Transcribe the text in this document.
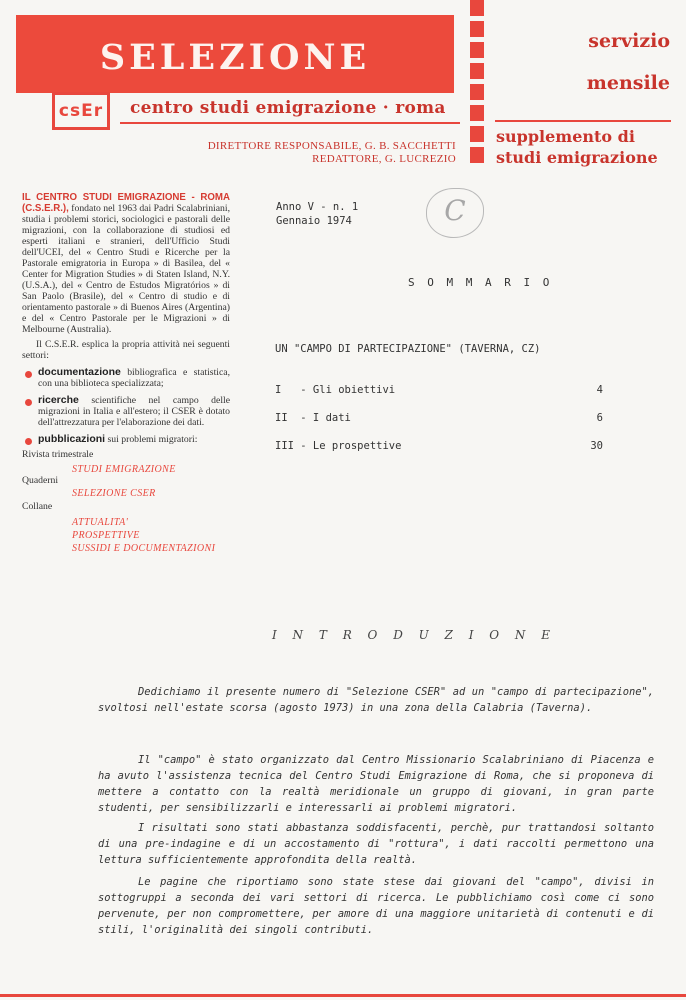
SELEZIONE
csEr	centro studi emigrazione · roma
DIRETTORE RESPONSABILE, G. B. SACCHETTI
REDATTORE, G. LUCREZIO
servizio
mensile
supplemento di
studi emigrazione

IL CENTRO STUDI EMIGRAZIONE - ROMA (C.S.E.R.), fondato nel 1963 dai Padri Scalabriniani, studia i problemi storici, sociologici e pastorali delle migrazioni, con la collaborazione di studiosi ed esperti italiani e stranieri, dell'Ufficio Studi dell'UCEI, del « Centro Studi e Ricerche per la Pastorale emigratoria in Europa » di Basilea, del « Center for Migration Studies » di Staten Island, N.Y. (U.S.A.), del « Centro de Estudos Migratórios » di San Paolo (Brasile), del « Centro di studio e di orientamento pastorale » di Buenos Aires (Argentina) e del « Centro Pastorale per le Migrazioni » di Melbourne (Australia).

Il C.S.E.R. esplica la propria attività nei seguenti settori:

documentazione bibliografica e statistica, con una biblioteca specializzata;
ricerche scientifiche nel campo delle migrazioni in Italia e all'estero; il CSER è dotato dell'attrezzatura per l'elaborazione dei dati.
pubblicazioni sui problemi migratori:
Rivista trimestrale
STUDI EMIGRAZIONE
Quaderni
SELEZIONE CSER
Collane
ATTUALITA'
PROSPETTIVE
SUSSIDI E DOCUMENTAZIONI
Anno V - n. 1
Gennaio 1974	C
S O M M A R I O
UN "CAMPO DI PARTECIPAZIONE" (TAVERNA, CZ)
I   - Gli obiettivi	4
II  - I dati	6
III - Le prospettive	30
I N T R O D U Z I O N E
Dedichiamo il presente numero di "Selezione CSER" ad un "campo di partecipazione", svoltosi nell'estate scorsa (agosto 1973) in una zona della Calabria (Taverna).
Il "campo" è stato organizzato dal Centro Missionario Scalabriniano di Piacenza e ha avuto l'assistenza tecnica del Centro Studi Emigrazione di Roma, che si proponeva di mettere a contatto con la realtà meridionale un gruppo di giovani, in gran parte studenti, per sensibilizzarli e interessarli ai problemi migratori.
I risultati sono stati abbastanza soddisfacenti, perchè, pur trattandosi soltanto di una pre-indagine e di un accostamento di "rottura", i dati raccolti permettono una lettura sufficientemente approfondita della realtà.
Le pagine che riportiamo sono state stese dai giovani del "campo", divisi in sottogruppi a seconda dei vari settori di ricerca. Le pubblichiamo così come ci sono pervenute, per non compromettere, per amore di una maggiore unitarietà di contenuti e di stili, l'originalità dei singoli contributi.
